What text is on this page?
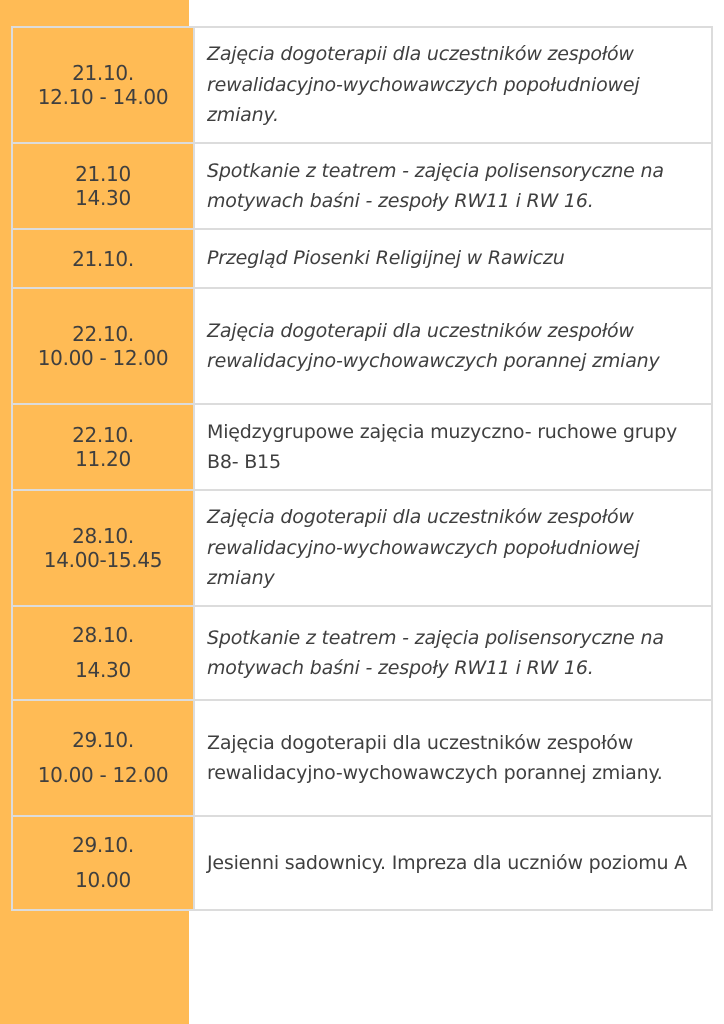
21.10.
12.10 - 14.00	Zajęcia dogoterapii dla uczestników zespołów rewalidacyjno-wychowawczych popołudniowej zmiany.

21.10
14.30	Spotkanie z teatrem - zajęcia polisensoryczne na motywach baśni - zespoły RW11 i RW 16.

21.10.	Przegląd Piosenki Religijnej w Rawiczu

22.10.
10.00 - 12.00	Zajęcia dogoterapii dla uczestników zespołów rewalidacyjno-wychowawczych porannej zmiany

22.10.
11.20	Międzygrupowe zajęcia muzyczno- ruchowe grupy B8- B15

28.10.
14.00-15.45	Zajęcia dogoterapii dla uczestników zespołów rewalidacyjno-wychowawczych popołudniowej zmiany

28.10.
14.30	Spotkanie z teatrem - zajęcia polisensoryczne na motywach baśni - zespoły RW11 i RW 16.

29.10.
10.00 - 12.00	Zajęcia dogoterapii dla uczestników zespołów rewalidacyjno-wychowawczych porannej zmiany.

29.10.
10.00	Jesienni sadownicy. Impreza dla uczniów poziomu A
